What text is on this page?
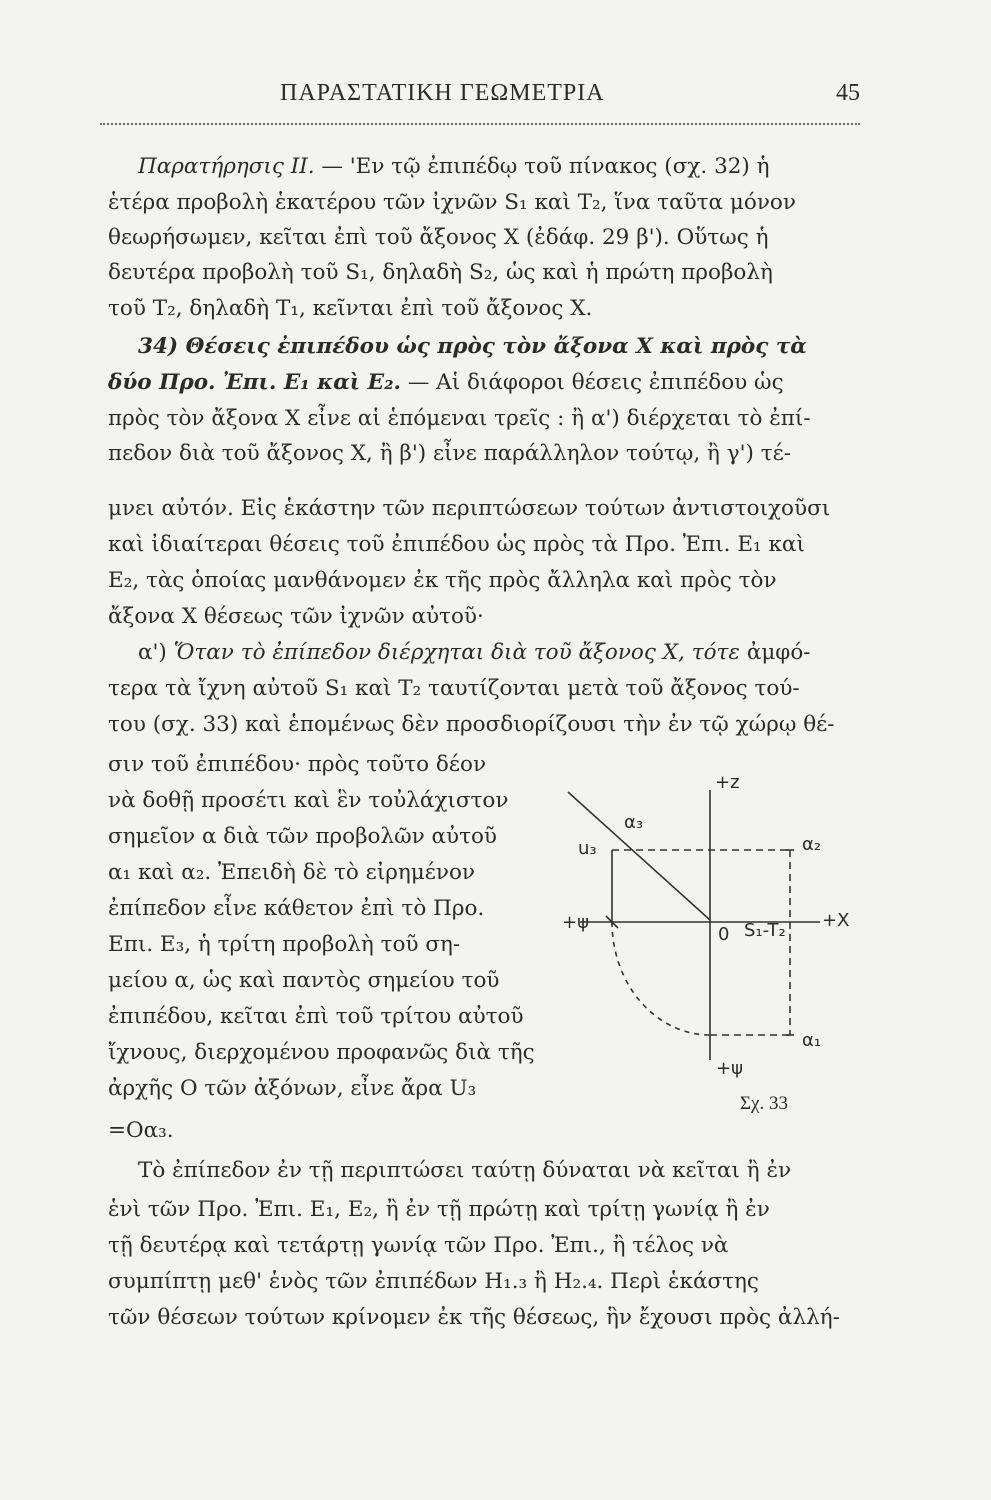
ΠΑΡΑΣΤΑΤΙΚΗ ΓΕΩΜΕΤΡΙΑ	45
Παρατήρησις II. — 'Εν τῷ ἐπιπέδῳ τοῦ πίνακος (σχ. 32) ἡ
ἑτέρα προβολὴ ἑκατέρου τῶν ἰχνῶν S₁ καὶ T₂, ἵνα ταῦτα μόνον
θεωρήσωμεν, κεῖται ἐπὶ τοῦ ἄξονος X (ἐδάφ. 29 β'). Οὕτως ἡ
δευτέρα προβολὴ τοῦ S₁, δηλαδὴ S₂, ὡς καὶ ἡ πρώτη προβολὴ
τοῦ T₂, δηλαδὴ T₁, κεῖνται ἐπὶ τοῦ ἄξονος X.
34) Θέσεις ἐπιπέδου ὡς πρὸς τὸν ἄξονα X καὶ πρὸς τὰ
δύο Προ. Ἐπι. E₁ καὶ E₂. — Αἱ διάφοροι θέσεις ἐπιπέδου ὡς
πρὸς τὸν ἄξονα X εἶνε αἱ ἑπόμεναι τρεῖς : ἢ α') διέρχεται τὸ ἐπί-
πεδον διὰ τοῦ ἄξονος X, ἢ β') εἶνε παράλληλον τούτῳ, ἢ γ') τέ-
μνει αὐτόν. Εἰς ἑκάστην τῶν περιπτώσεων τούτων ἀντιστοιχοῦσι
καὶ ἰδιαίτεραι θέσεις τοῦ ἐπιπέδου ὡς πρὸς τὰ Προ. Ἐπι. E₁ καὶ
E₂, τὰς ὁποίας μανθάνομεν ἐκ τῆς πρὸς ἄλληλα καὶ πρὸς τὸν
ἄξονα X θέσεως τῶν ἰχνῶν αὐτοῦ·
α') Ὅταν τὸ ἐπίπεδον διέρχηται διὰ τοῦ ἄξονος X, τότε ἀμφό-
τερα τὰ ἴχνη αὐτοῦ S₁ καὶ T₂ ταυτίζονται μετὰ τοῦ ἄξονος τού-
του (σχ. 33) καὶ ἑπομένως δὲν προσδιορίζουσι τὴν ἐν τῷ χώρῳ θέ-
σιν τοῦ ἐπιπέδου· πρὸς τοῦτο δέον
νὰ δοθῇ προσέτι καὶ ἓν τοὐλάχιστον
σημεῖον α διὰ τῶν προβολῶν αὐτοῦ
α₁ καὶ α₂. Ἐπειδὴ δὲ τὸ εἰρημένον
ἐπίπεδον εἶνε κάθετον ἐπὶ τὸ Προ.
Επι. E₃, ἡ τρίτη προβολὴ τοῦ ση-
μείου α, ὡς καὶ παντὸς σημείου τοῦ
ἐπιπέδου, κεῖται ἐπὶ τοῦ τρίτου αὐτοῦ
ἴχνους, διερχομένου προφανῶς διὰ τῆς
ἀρχῆς O τῶν ἀξόνων, εἶνε ἄρα U₃
=Oα₃.
Τὸ ἐπίπεδον ἐν τῇ περιπτώσει ταύτῃ δύναται νὰ κεῖται ἢ ἐν
ἑνὶ τῶν Προ. Ἐπι. E₁, E₂, ἢ ἐν τῇ πρώτῃ καὶ τρίτῃ γωνίᾳ ἢ ἐν
τῇ δευτέρᾳ καὶ τετάρτῃ γωνίᾳ τῶν Προ. Ἐπι., ἢ τέλος νὰ
συμπίπτῃ μεθ' ἑνὸς τῶν ἐπιπέδων H₁.₃ ἢ H₂.₄. Περὶ ἑκάστης
τῶν θέσεων τούτων κρίνομεν ἐκ τῆς θέσεως, ἣν ἔχουσι πρὸς ἀλλή-
+z
u₃
α₃
α₂
+ψ
0 S₁-T₂ +X
α₁
+ψ
Σχ. 33
